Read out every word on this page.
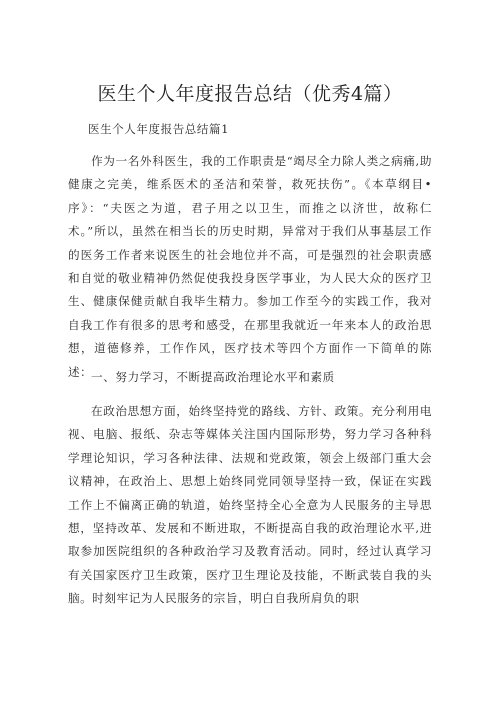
医生个人年度报告总结（优秀4篇）

医生个人年度报告总结篇1

作为一名外科医生，我的工作职责是“竭尽全力除人类之病痛,助健康之完美，维系医术的圣洁和荣誉，救死扶伤”。《本草纲目•序》：“夫医之为道，君子用之以卫生，而推之以济世，故称仁术。”所以，虽然在相当长的历史时期，异常对于我们从事基层工作的医务工作者来说医生的社会地位并不高，可是强烈的社会职责感和自觉的敬业精神仍然促使我投身医学事业，为人民大众的医疗卫生、健康保健贡献自我毕生精力。参加工作至今的实践工作，我对自我工作有很多的思考和感受，在那里我就近一年来本人的政治思想，道德修养，工作作风，医疗技术等四个方面作一下简单的陈述：

一、努力学习，不断提高政治理论水平和素质

在政治思想方面，始终坚持党的路线、方针、政策。充分利用电视、电脑、报纸、杂志等媒体关注国内国际形势，努力学习各种科学理论知识，学习各种法律、法规和党政策，领会上级部门重大会议精神，在政治上、思想上始终同党同领导坚持一致，保证在实践工作上不偏离正确的轨道，始终坚持全心全意为人民服务的主导思想，坚持改革、发展和不断进取，不断提高自我的政治理论水平,进取参加医院组织的各种政治学习及教育活动。同时，经过认真学习有关国家医疗卫生政策，医疗卫生理论及技能，不断武装自我的头脑。时刻牢记为人民服务的宗旨，明白自我所肩负的职
